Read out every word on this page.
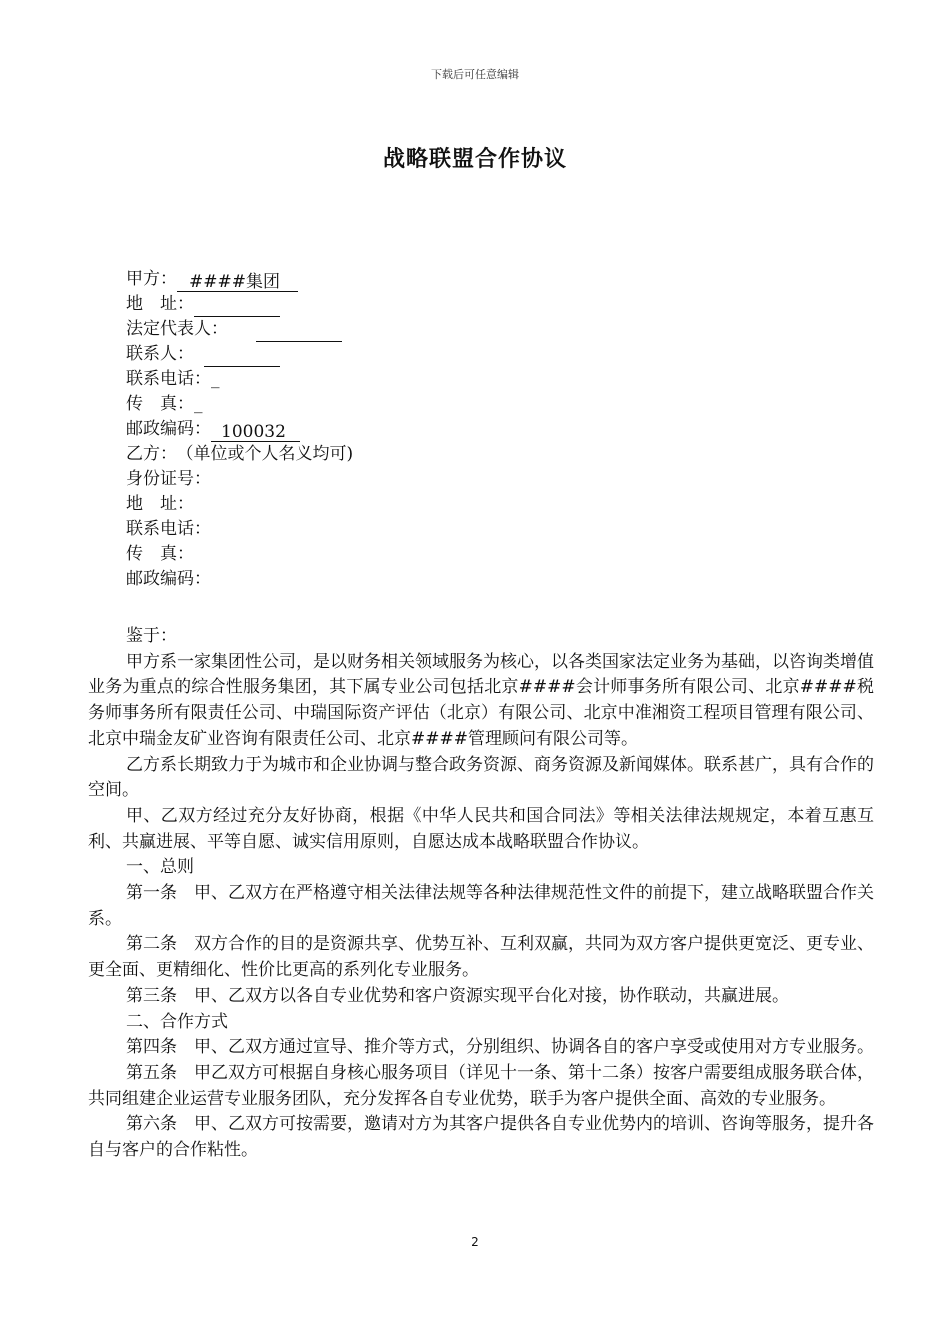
下载后可任意编辑
战略联盟合作协议
甲方： ####集团
地　址：
法定代表人：
联系人：
联系电话：_
传　真：_
邮政编码： 100032
乙方： （单位或个人名义均可)
身份证号：
地　址：
联系电话：
传　真：
邮政编码：

鉴于：

甲方系一家集团性公司，是以财务相关领域服务为核心，以各类国家法定业务为基础，以咨询类增值业务为重点的综合性服务集团，其下属专业公司包括北京####会计师事务所有限公司、北京####税务师事务所有限责任公司、中瑞国际资产评估（北京）有限公司、北京中准湘资工程项目管理有限公司、北京中瑞金友矿业咨询有限责任公司、北京####管理顾问有限公司等。

乙方系长期致力于为城市和企业协调与整合政务资源、商务资源及新闻媒体。联系甚广，具有合作的空间。

甲、乙双方经过充分友好协商，根据《中华人民共和国合同法》等相关法律法规规定，本着互惠互利、共赢进展、平等自愿、诚实信用原则，自愿达成本战略联盟合作协议。

一、总则

第一条　甲、乙双方在严格遵守相关法律法规等各种法律规范性文件的前提下，建立战略联盟合作关系。

第二条　双方合作的目的是资源共享、优势互补、互利双赢，共同为双方客户提供更宽泛、更专业、更全面、更精细化、性价比更高的系列化专业服务。

第三条　甲、乙双方以各自专业优势和客户资源实现平台化对接，协作联动，共赢进展。

二、合作方式

第四条　甲、乙双方通过宣导、推介等方式，分别组织、协调各自的客户享受或使用对方专业服务。

第五条　甲乙双方可根据自身核心服务项目（详见十一条、第十二条）按客户需要组成服务联合体，共同组建企业运营专业服务团队，充分发挥各自专业优势，联手为客户提供全面、高效的专业服务。

第六条　甲、乙双方可按需要，邀请对方为其客户提供各自专业优势内的培训、咨询等服务，提升各自与客户的合作粘性。

2
